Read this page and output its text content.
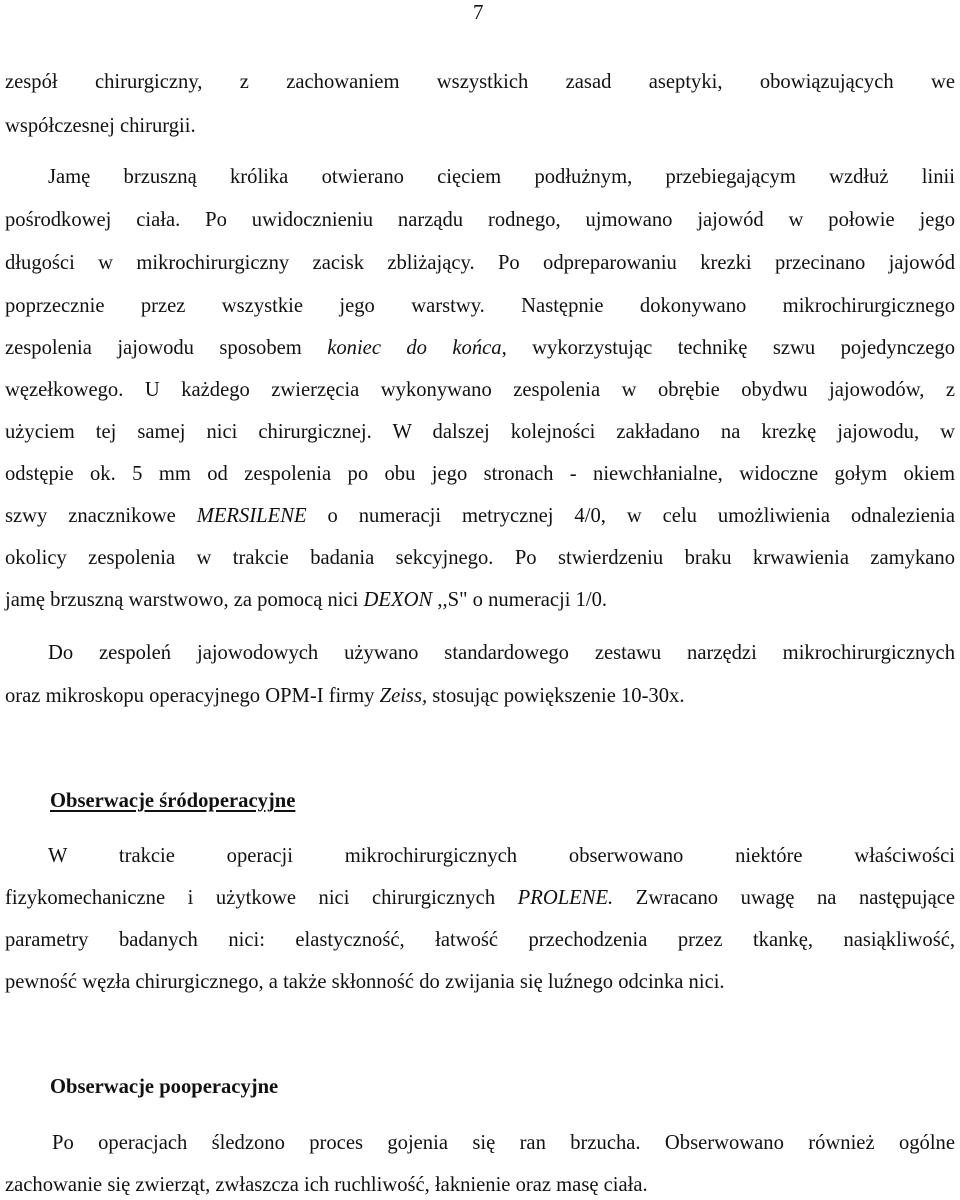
7
zespół chirurgiczny, z zachowaniem wszystkich zasad aseptyki, obowiązujących we
współczesnej chirurgii.
Jamę brzuszną królika otwierano cięciem podłużnym, przebiegającym wzdłuż linii
pośrodkowej ciała. Po uwidocznieniu narządu rodnego, ujmowano jajowód w połowie jego
długości w mikrochirurgiczny zacisk zbliżający. Po odpreparowaniu krezki przecinano jajowód
poprzecznie przez wszystkie jego warstwy. Następnie dokonywano mikrochirurgicznego
zespolenia jajowodu sposobem koniec do końca, wykorzystując technikę szwu pojedynczego
węzełkowego. U każdego zwierzęcia wykonywano zespolenia w obrębie obydwu jajowodów, z
użyciem tej samej nici chirurgicznej. W dalszej kolejności zakładano na krezkę jajowodu, w
odstępie ok. 5 mm od zespolenia po obu jego stronach - niewchłanialne, widoczne gołym okiem
szwy znacznikowe MERSILENE o numeracji metrycznej 4/0, w celu umożliwienia odnalezienia
okolicy zespolenia w trakcie badania sekcyjnego. Po stwierdzeniu braku krwawienia zamykano
jamę brzuszną warstwowo, za pomocą nici DEXON ,,S" o numeracji 1/0.
Do zespoleń jajowodowych używano standardowego zestawu narzędzi mikrochirurgicznych
oraz mikroskopu operacyjnego OPM-I firmy Zeiss, stosując powiększenie 10-30x.
Obserwacje śródoperacyjne
W trakcie operacji mikrochirurgicznych obserwowano niektóre właściwości
fizykomechaniczne i użytkowe nici chirurgicznych PROLENE. Zwracano uwagę na następujące
parametry badanych nici: elastyczność, łatwość przechodzenia przez tkankę, nasiąkliwość,
pewność węzła chirurgicznego, a także skłonność do zwijania się luźnego odcinka nici.
Obserwacje pooperacyjne
Po operacjach śledzono proces gojenia się ran brzucha. Obserwowano również ogólne
zachowanie się zwierząt, zwłaszcza ich ruchliwość, łaknienie oraz masę ciała.
